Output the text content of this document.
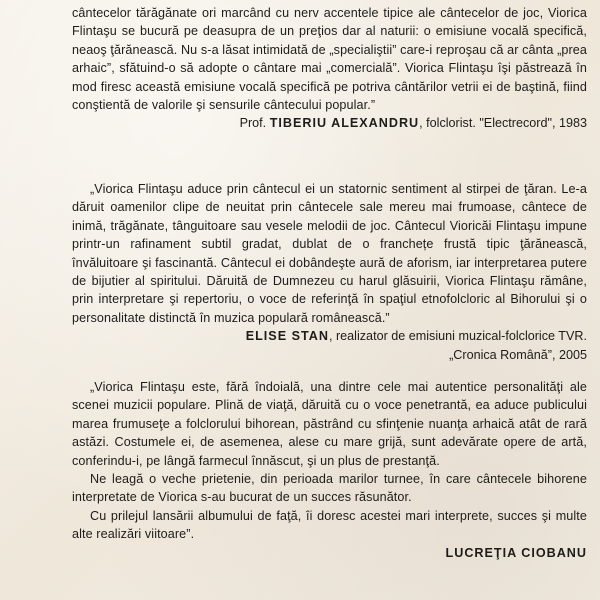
cântecelor tărăgănate ori marcând cu nerv accentele tipice ale cântecelor de joc, Viorica Flintaşu se bucură pe deasupra de un preţios dar al naturii: o emisiune vocală specifică, neaoş ţărănească. Nu s-a lăsat intimidată de „specialiştii” care-i reproşau că ar cânta „prea arhaic”, sfătuind-o să adopte o cântare mai „comercială”. Viorica Flintaşu îşi păstrează în mod firesc această emisiune vocală specifică pe potriva cântărilor vetrii ei de baştină, fiind conştientă de valorile şi sensurile cântecului popular.”

Prof. TIBERIU ALEXANDRU, folclorist. "Electrecord", 1983

„Viorica Flintaşu aduce prin cântecul ei un statornic sentiment al stirpei de ţăran. Le-a dăruit oamenilor clipe de neuitat prin cântecele sale mereu mai frumoase, cântece de inimă, trăgănate, tânguitoare sau vesele melodii de joc. Cântecul Vioricăi Flintaşu impune printr-un rafinament subtil gradat, dublat de o franchețe frustă tipic ţărănească, învăluitoare şi fascinantă. Cântecul ei dobândeşte aură de aforism, iar interpretarea putere de bijutier al spiritului. Dăruită de Dumnezeu cu harul glăsuirii, Viorica Flintaşu rămâne, prin interpretare şi repertoriu, o voce de referinţă în spaţiul etnofolcloric al Bihorului şi o personalitate distinctă în muzica populară românească.”

ELISE STAN, realizator de emisiuni muzical-folclorice TVR.

„Cronica Română”, 2005

„Viorica Flintaşu este, fără îndoială, una dintre cele mai autentice personalităţi ale scenei muzicii populare. Plină de viaţă, dăruită cu o voce penetrantă, ea aduce publicului marea frumuseţe a folclorului bihorean, păstrând cu sfinţenie nuanţa arhaică atât de rară astăzi. Costumele ei, de asemenea, alese cu mare grijă, sunt adevărate opere de artă, conferindu-i, pe lângă farmecul înnăscut, şi un plus de prestanţă.

Ne leagă o veche prietenie, din perioada marilor turnee, în care cântecele bihorene interpretate de Viorica s-au bucurat de un succes răsunător.

Cu prilejul lansării albumului de faţă, îi doresc acestei mari interprete, succes şi multe alte realizări viitoare”.

LUCREŢIA CIOBANU
